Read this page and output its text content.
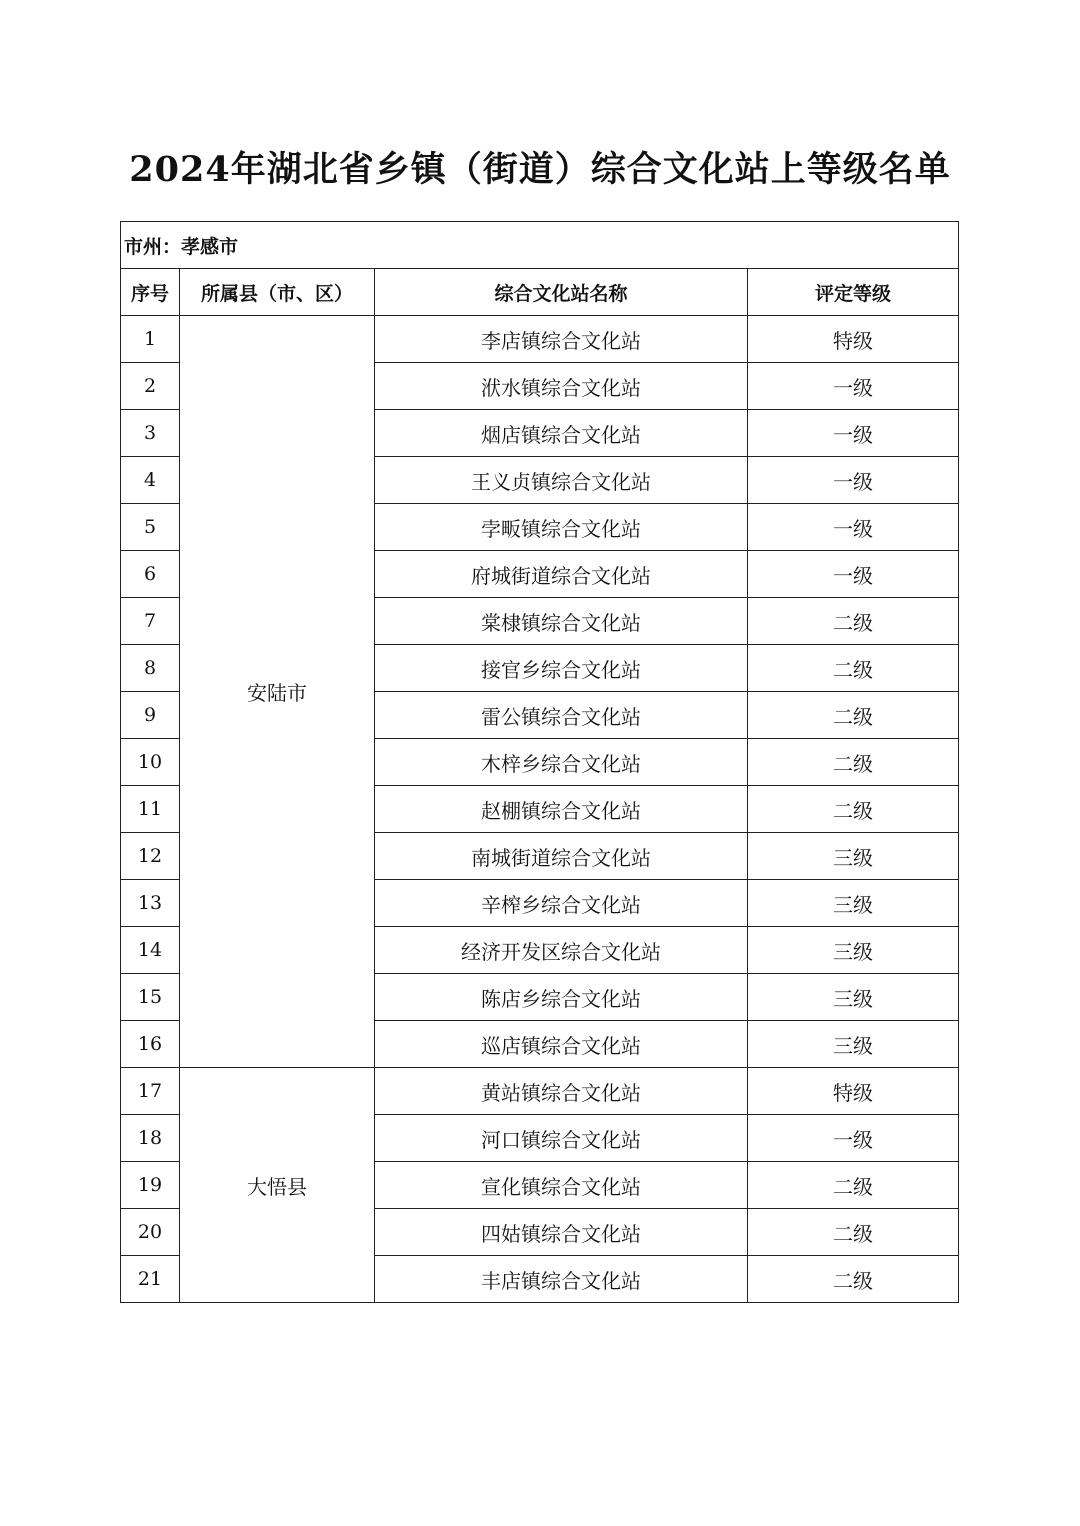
2024年湖北省乡镇（街道）综合文化站上等级名单
市州：孝感市			
序号	所属县（市、区）	综合文化站名称	评定等级
1	安陆市	李店镇综合文化站	特级
2		洑水镇综合文化站	一级
3		烟店镇综合文化站	一级
4		王义贞镇综合文化站	一级
5		孛畈镇综合文化站	一级
6		府城街道综合文化站	一级
7		棠棣镇综合文化站	二级
8		接官乡综合文化站	二级
9		雷公镇综合文化站	二级
10		木梓乡综合文化站	二级
11		赵棚镇综合文化站	二级
12		南城街道综合文化站	三级
13		辛榨乡综合文化站	三级
14		经济开发区综合文化站	三级
15		陈店乡综合文化站	三级
16		巡店镇综合文化站	三级
17	大悟县	黄站镇综合文化站	特级
18		河口镇综合文化站	一级
19		宣化镇综合文化站	二级
20		四姑镇综合文化站	二级
21		丰店镇综合文化站	二级
